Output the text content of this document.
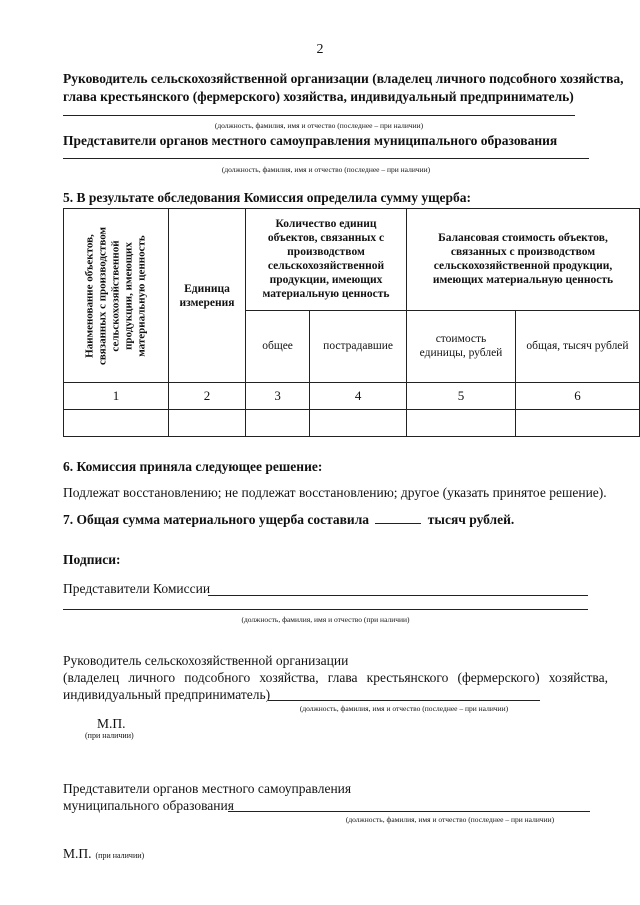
2
Руководитель сельскохозяйственной организации (владелец личного подсобного хозяйства,
глава крестьянского (фермерского) хозяйства, индивидуальный предприниматель)
(должность, фамилия, имя и отчество (последнее – при наличии)
Представители органов местного самоуправления муниципального образования
(должность, фамилия, имя и отчество (последнее – при наличии)
5. В результате обследования Комиссия определила сумму ущерба:
Наименование объектов, связанных с производством сельскохозяйственной продукции, имеющих материальную ценность	Единица измерения	Количество единиц объектов, связанных с производством сельскохозяйственной продукции, имеющих материальную ценность		Балансовая стоимость объектов, связанных с производством сельскохозяйственной продукции, имеющих материальную ценность	
		общее	пострадавшие	стоимость единицы, рублей	общая, тысяч рублей
1	2	3	4	5	6

6. Комиссия приняла следующее решение:
Подлежат восстановлению; не подлежат восстановлению; другое (указать принятое решение).
7. Общая сумма материального ущерба составила	тысяч рублей.
Подписи:
Представители Комиссии
(должность, фамилия, имя и отчество (при наличии)
Руководитель сельскохозяйственной организации
(владелец личного подсобного хозяйства, глава крестьянского (фермерского) хозяйства,
индивидуальный предприниматель)
(должность, фамилия, имя и отчество (последнее – при наличии)
М.П.
(при наличии)
Представители органов местного самоуправления
муниципального образования
(должность, фамилия, имя и отчество (последнее – при наличии)
М.П. (при наличии)
